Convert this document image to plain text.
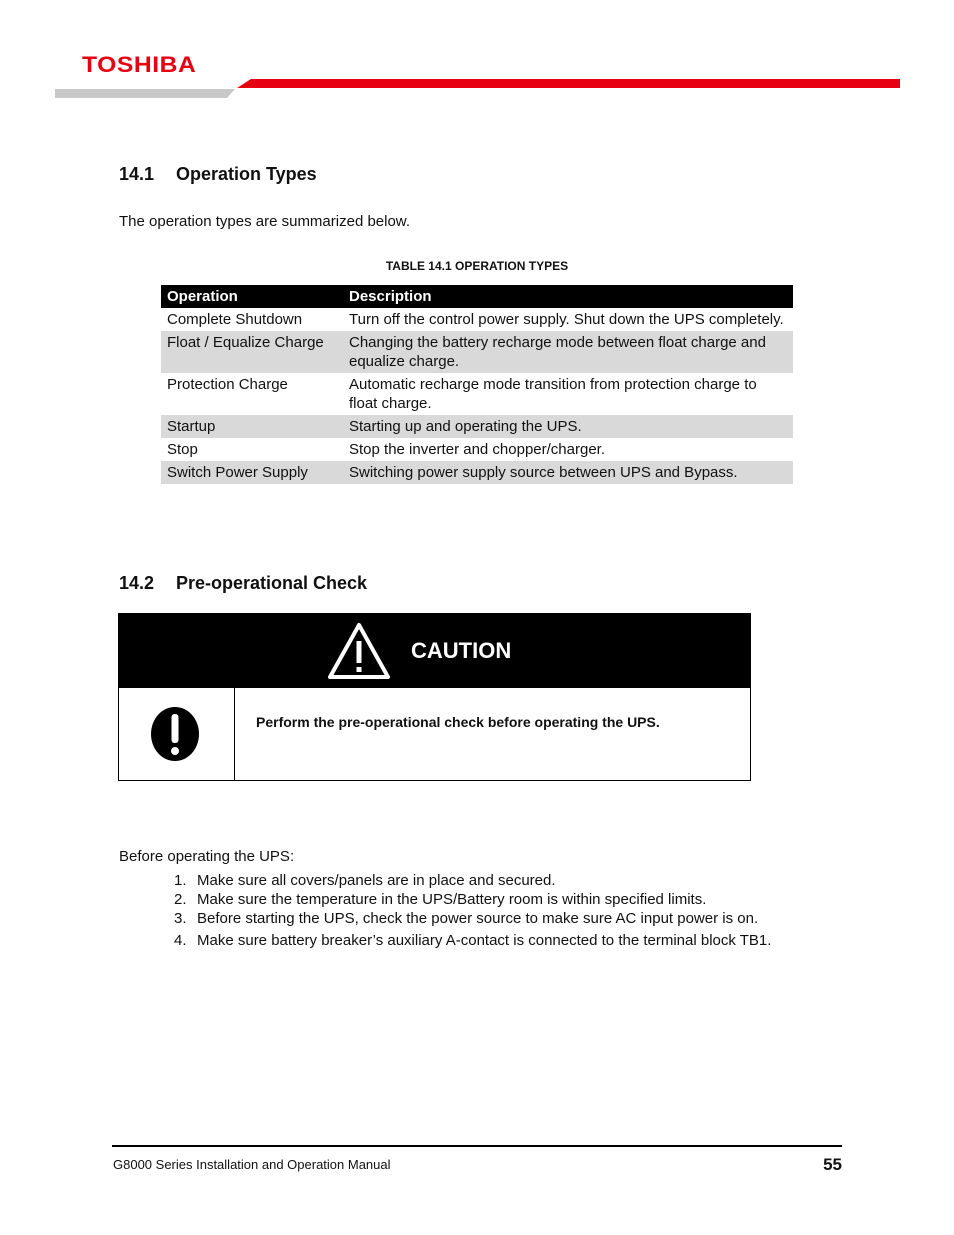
TOSHIBA
14.1 Operation Types
The operation types are summarized below.
TABLE 14.1 OPERATION TYPES
Operation	Description
Complete Shutdown	Turn off the control power supply. Shut down the UPS completely.
Float / Equalize Charge	Changing the battery recharge mode between float charge and equalize charge.
Protection Charge	Automatic recharge mode transition from protection charge to float charge.
Startup	Starting up and operating the UPS.
Stop	Stop the inverter and chopper/charger.
Switch Power Supply	Switching power supply source between UPS and Bypass.
14.2 Pre-operational Check
CAUTION
Perform the pre-operational check before operating the UPS.
Before operating the UPS:
1. Make sure all covers/panels are in place and secured.
2. Make sure the temperature in the UPS/Battery room is within specified limits.
3. Before starting the UPS, check the power source to make sure AC input power is on.
4. Make sure battery breaker’s auxiliary A-contact is connected to the terminal block TB1.
G8000 Series Installation and Operation Manual	55
